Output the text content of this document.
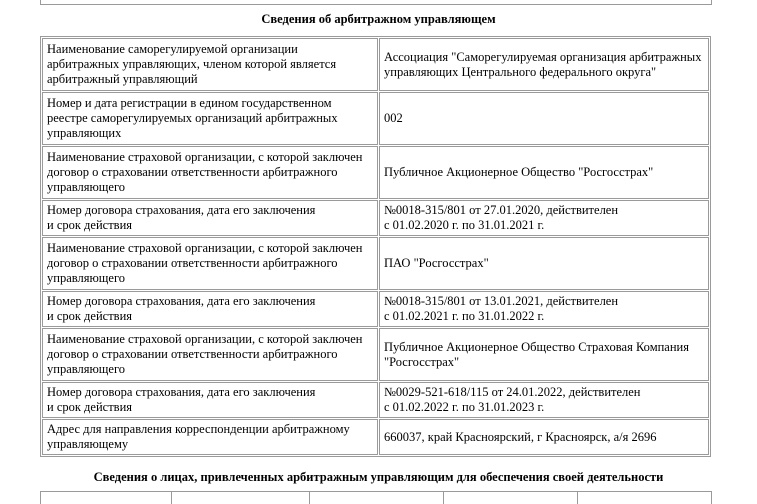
Сведения об арбитражном управляющем
Наименование саморегулируемой организации арбитражных управляющих, членом которой является арбитражный управляющий	Ассоциация "Саморегулируемая организация арбитражных управляющих Центрального федерального округа"
Номер и дата регистрации в едином государственном реестре саморегулируемых организаций арбитражных управляющих	002
Наименование страховой организации, с которой заключен договор о страховании ответственности арбитражного управляющего	Публичное Акционерное Общество "Росгосстрах"
Номер договора страхования, дата его заключения
и срок действия	№0018-315/801 от 27.01.2020, действителен
с 01.02.2020 г. по 31.01.2021 г.
Наименование страховой организации, с которой заключен договор о страховании ответственности арбитражного управляющего	ПАО "Росгосстрах"
Номер договора страхования, дата его заключения
и срок действия	№0018-315/801 от 13.01.2021, действителен
с 01.02.2021 г. по 31.01.2022 г.
Наименование страховой организации, с которой заключен договор о страховании ответственности арбитражного управляющего	Публичное Акционерное Общество Страховая Компания "Росгосстрах"
Номер договора страхования, дата его заключения
и срок действия	№0029-521-618/115 от 24.01.2022, действителен
с 01.02.2022 г. по 31.01.2023 г.
Адрес для направления корреспонденции арбитражному управляющему	660037, край Красноярский, г Красноярск, а/я 2696
Сведения о лицах, привлеченных арбитражным управляющим для обеспечения своей деятельности
